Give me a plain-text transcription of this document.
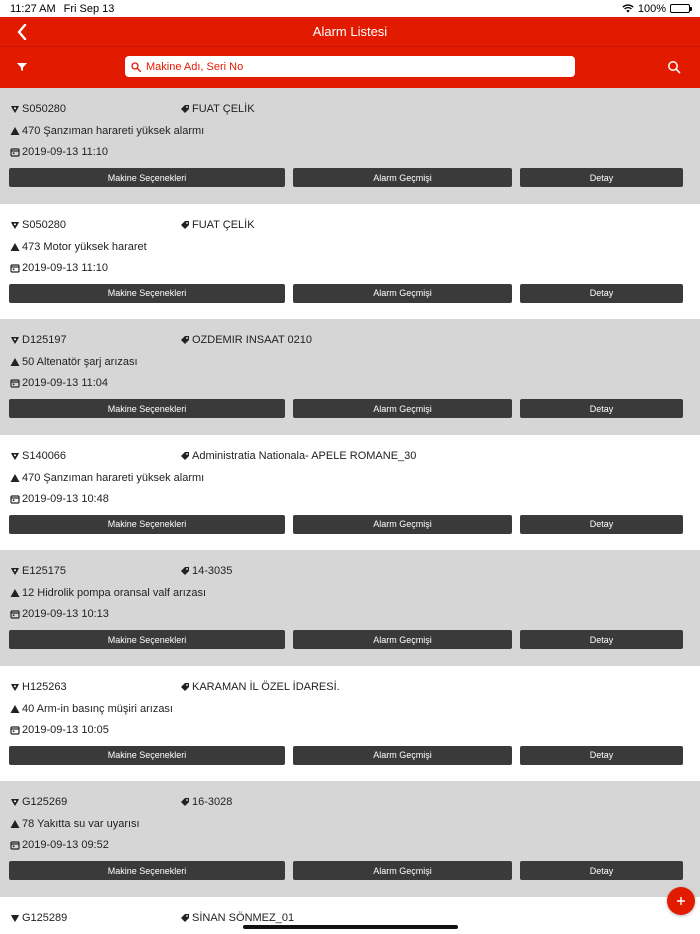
11:27 AM Fri Sep 13	100%
Alarm Listesi
Makine Adı, Seri No
S050280	FUAT ÇELİK
470 Şanzıman harareti yüksek alarmı
2019-09-13 11:10
Makine Seçenekleri	Alarm Geçmişi	Detay
S050280	FUAT ÇELİK
473 Motor yüksek hararet
2019-09-13 11:10
Makine Seçenekleri	Alarm Geçmişi	Detay
D125197	OZDEMIR INSAAT 0210
50 Altenatör şarj arızası
2019-09-13 11:04
Makine Seçenekleri	Alarm Geçmişi	Detay
S140066	Administratia Nationala- APELE ROMANE_30
470 Şanzıman harareti yüksek alarmı
2019-09-13 10:48
Makine Seçenekleri	Alarm Geçmişi	Detay
E125175	14-3035
12 Hidrolik pompa oransal valf arızası
2019-09-13 10:13
Makine Seçenekleri	Alarm Geçmişi	Detay
H125263	KARAMAN İL ÖZEL İDARESİ.
40 Arm-in basınç müşiri arızası
2019-09-13 10:05
Makine Seçenekleri	Alarm Geçmişi	Detay
G125269	16-3028
78 Yakıtta su var uyarısı
2019-09-13 09:52
Makine Seçenekleri	Alarm Geçmişi	Detay
G125289	SİNAN SÖNMEZ_01
